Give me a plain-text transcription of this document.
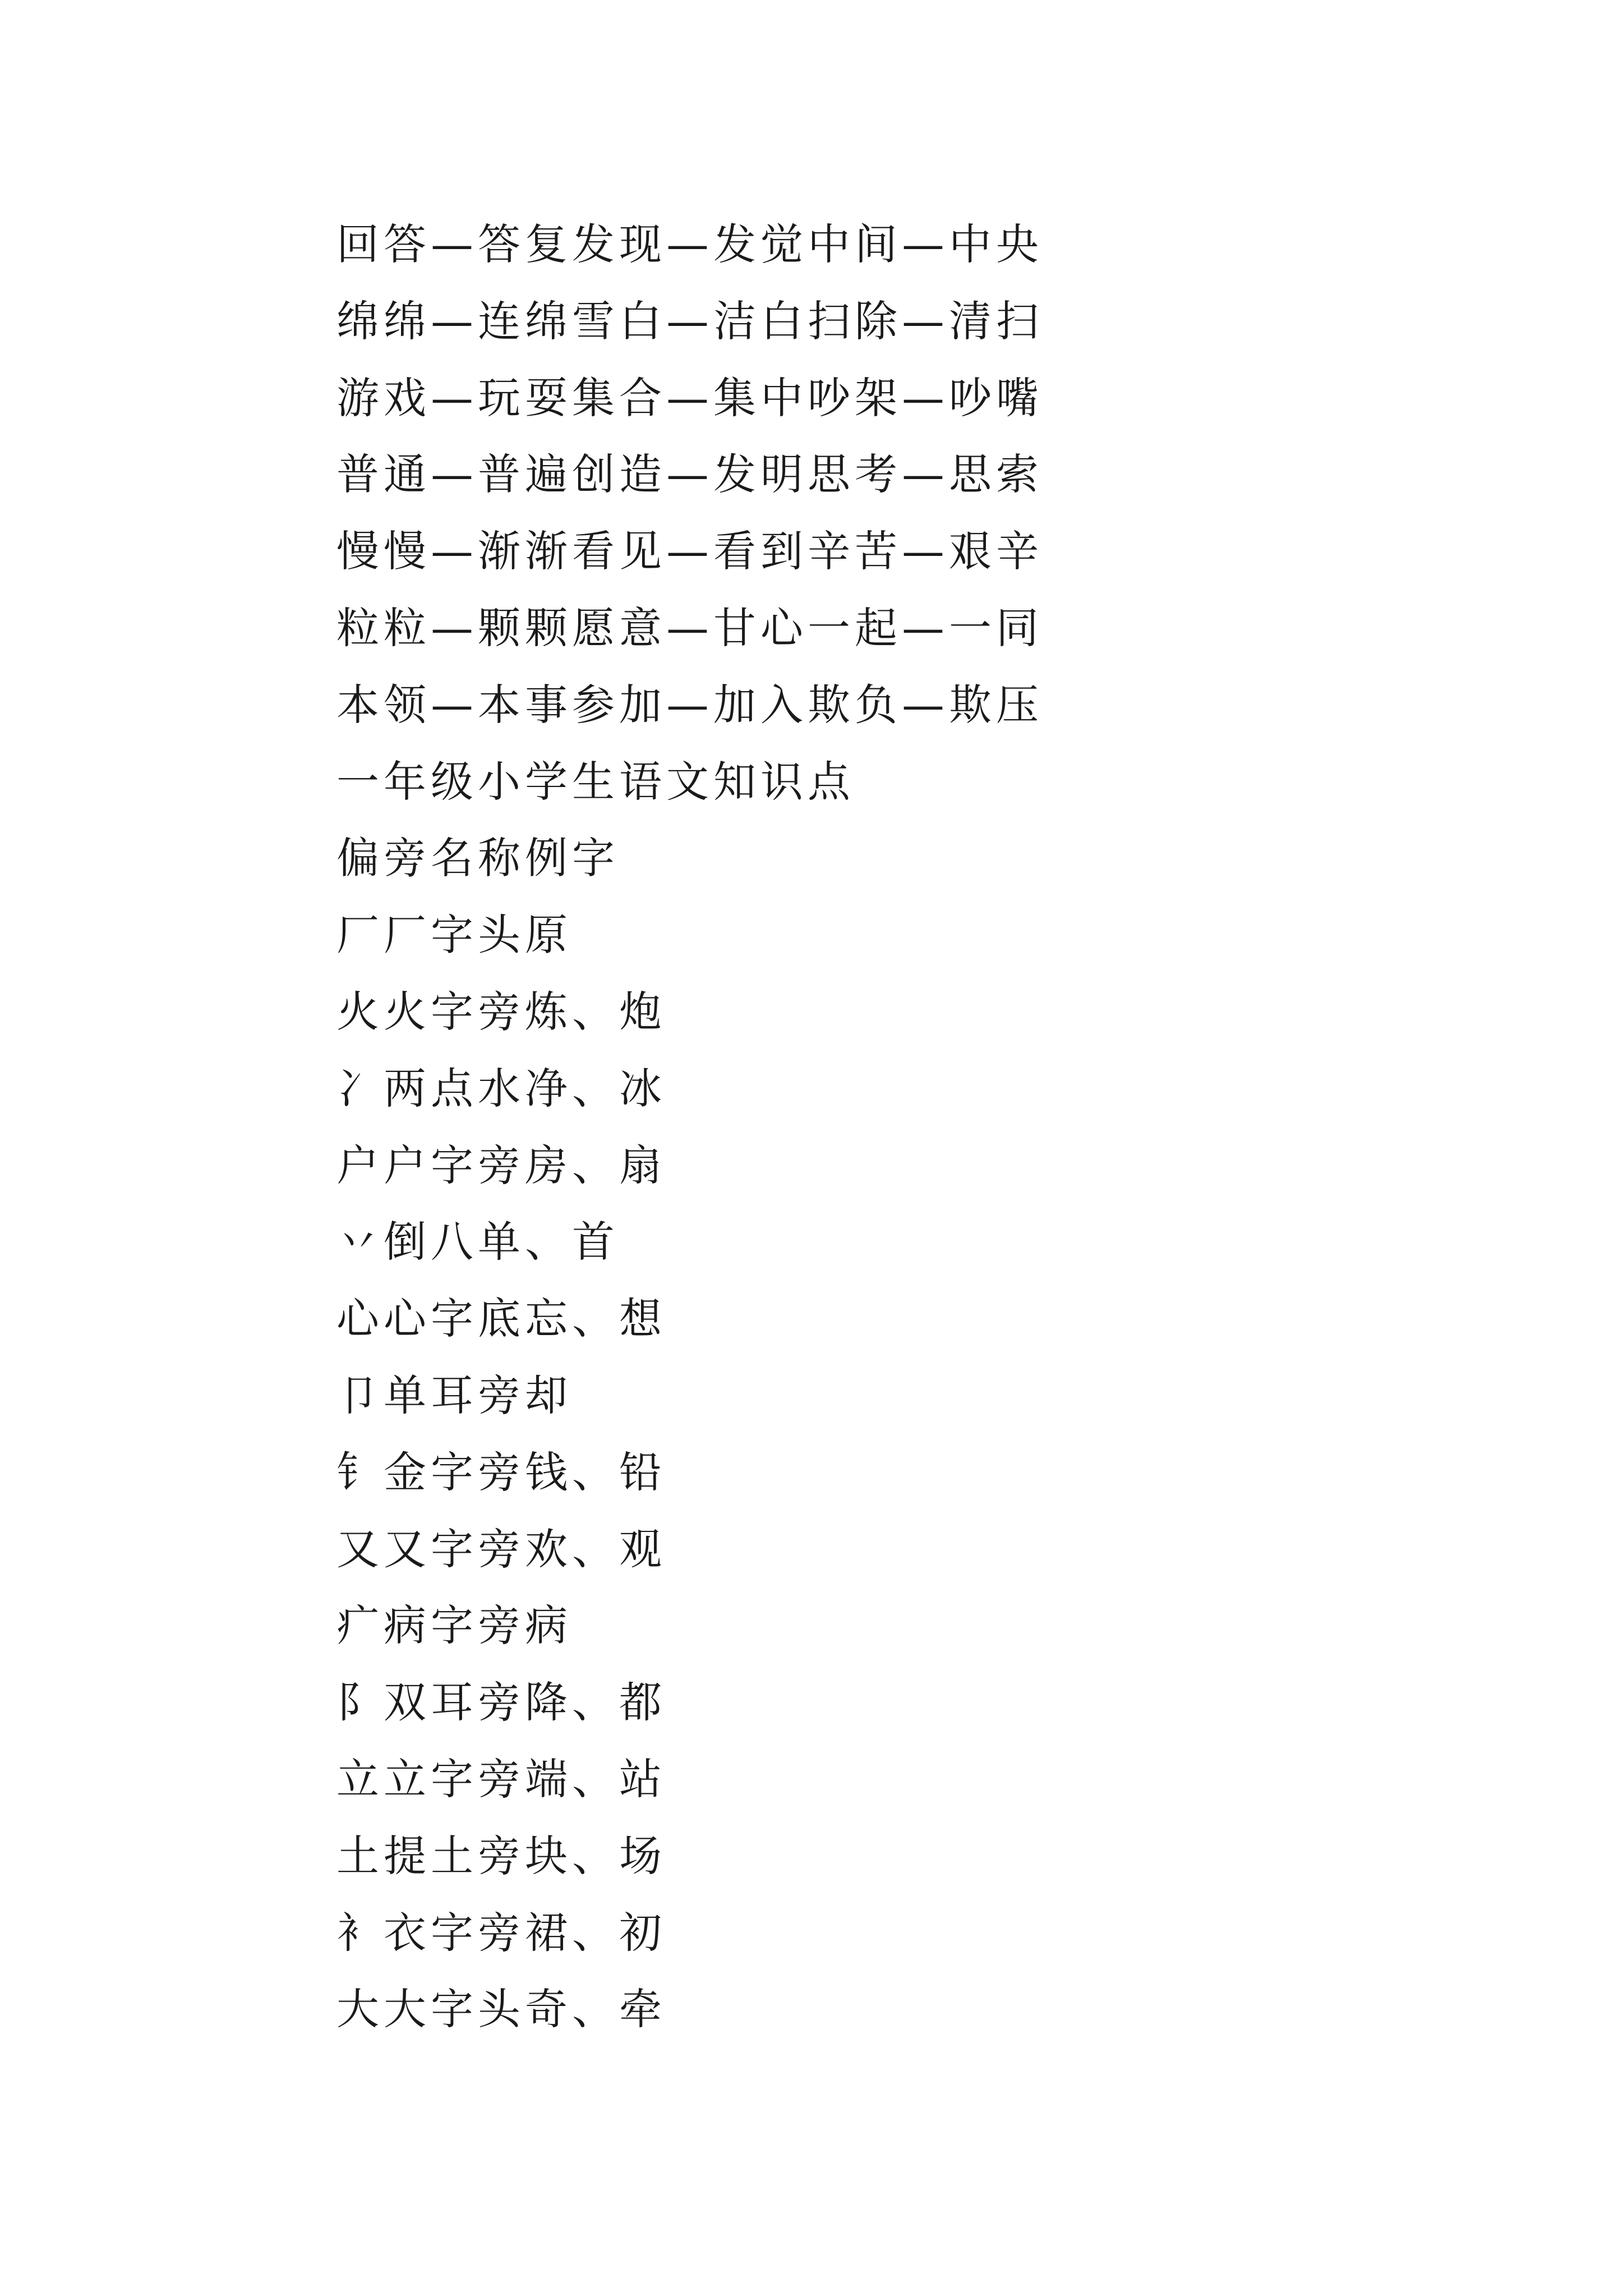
回答—答复发现—发觉中间—中央
绵绵—连绵雪白—洁白扫除—清扫
游戏—玩耍集合—集中吵架—吵嘴
普通—普遍创造—发明思考—思索
慢慢—渐渐看见—看到辛苦—艰辛
粒粒—颗颗愿意—甘心一起—一同
本领—本事参加—加入欺负—欺压
一年级小学生语文知识点
偏旁名称例字
厂厂字头原
火火字旁炼、炮
冫两点水净、冰
户户字旁房、扇
丷倒八单、首
心心字底忘、想
卩单耳旁却
钅金字旁钱、铅
又又字旁欢、观
疒病字旁病
阝双耳旁降、都
立立字旁端、站
土提土旁块、场
衤衣字旁裙、初
大大字头奇、牵
